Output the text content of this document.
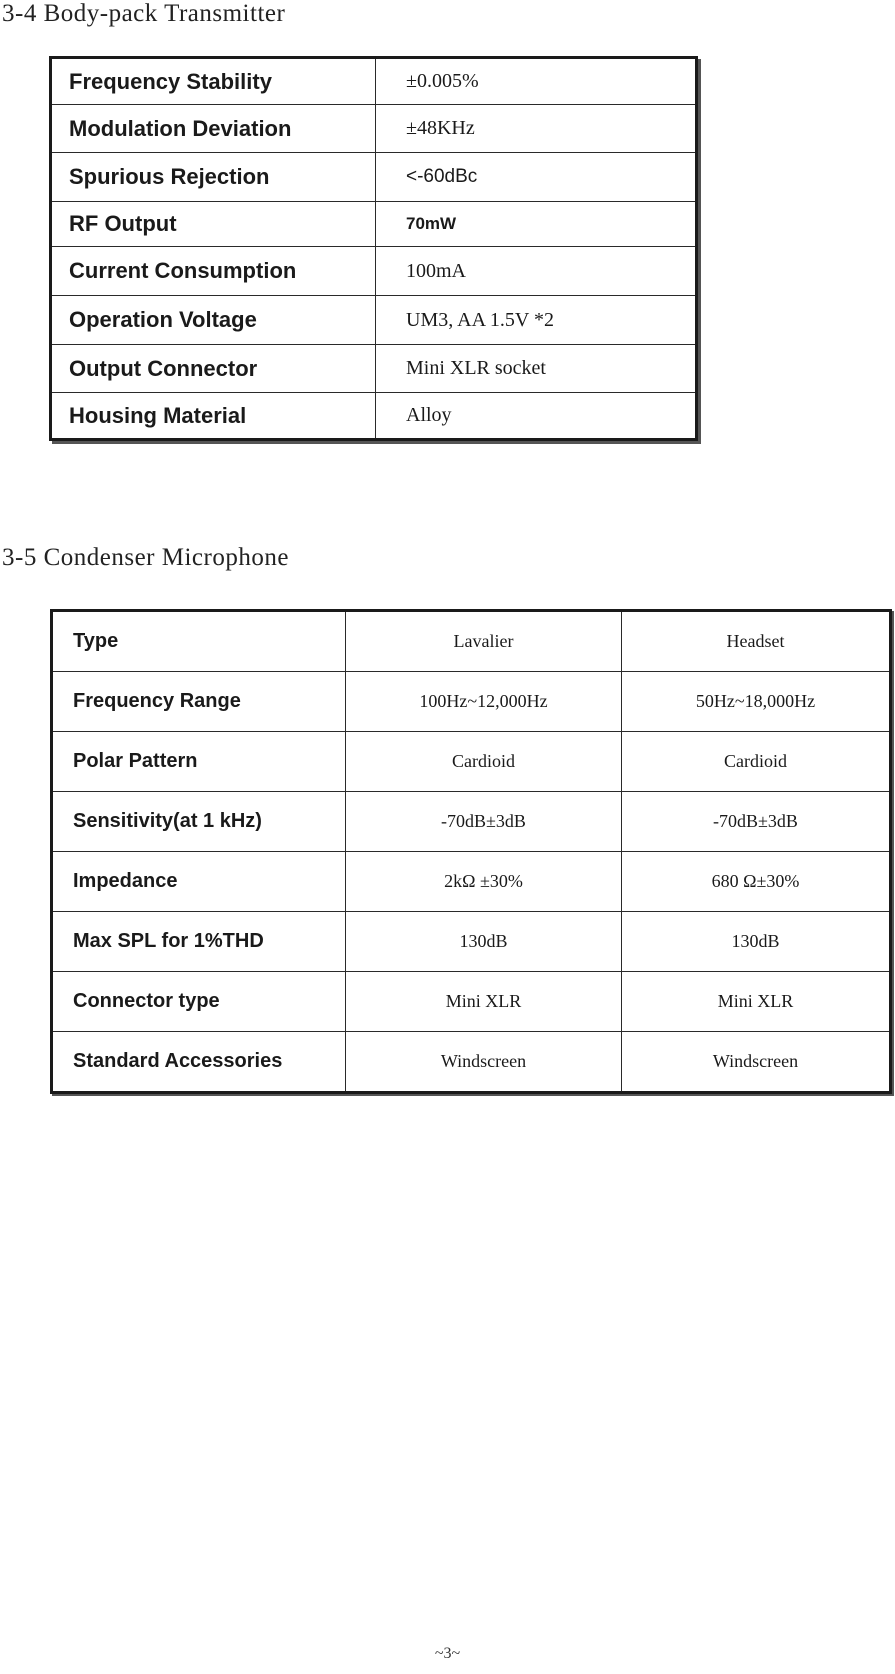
3-4 Body-pack Transmitter
Frequency Stability	±0.005%
Modulation Deviation	±48KHz
Spurious Rejection	<-60dBc
RF Output	70mW
Current Consumption	100mA
Operation Voltage	UM3, AA 1.5V *2
Output Connector	Mini XLR socket
Housing Material	Alloy
3-5 Condenser Microphone
Type	Lavalier	Headset
Frequency Range	100Hz~12,000Hz	50Hz~18,000Hz
Polar Pattern	Cardioid	Cardioid
Sensitivity(at 1 kHz)	-70dB±3dB	-70dB±3dB
Impedance	2kΩ ±30%	680 Ω±30%
Max SPL for 1%THD	130dB	130dB
Connector type	Mini XLR	Mini XLR
Standard Accessories	Windscreen	Windscreen
~3~
